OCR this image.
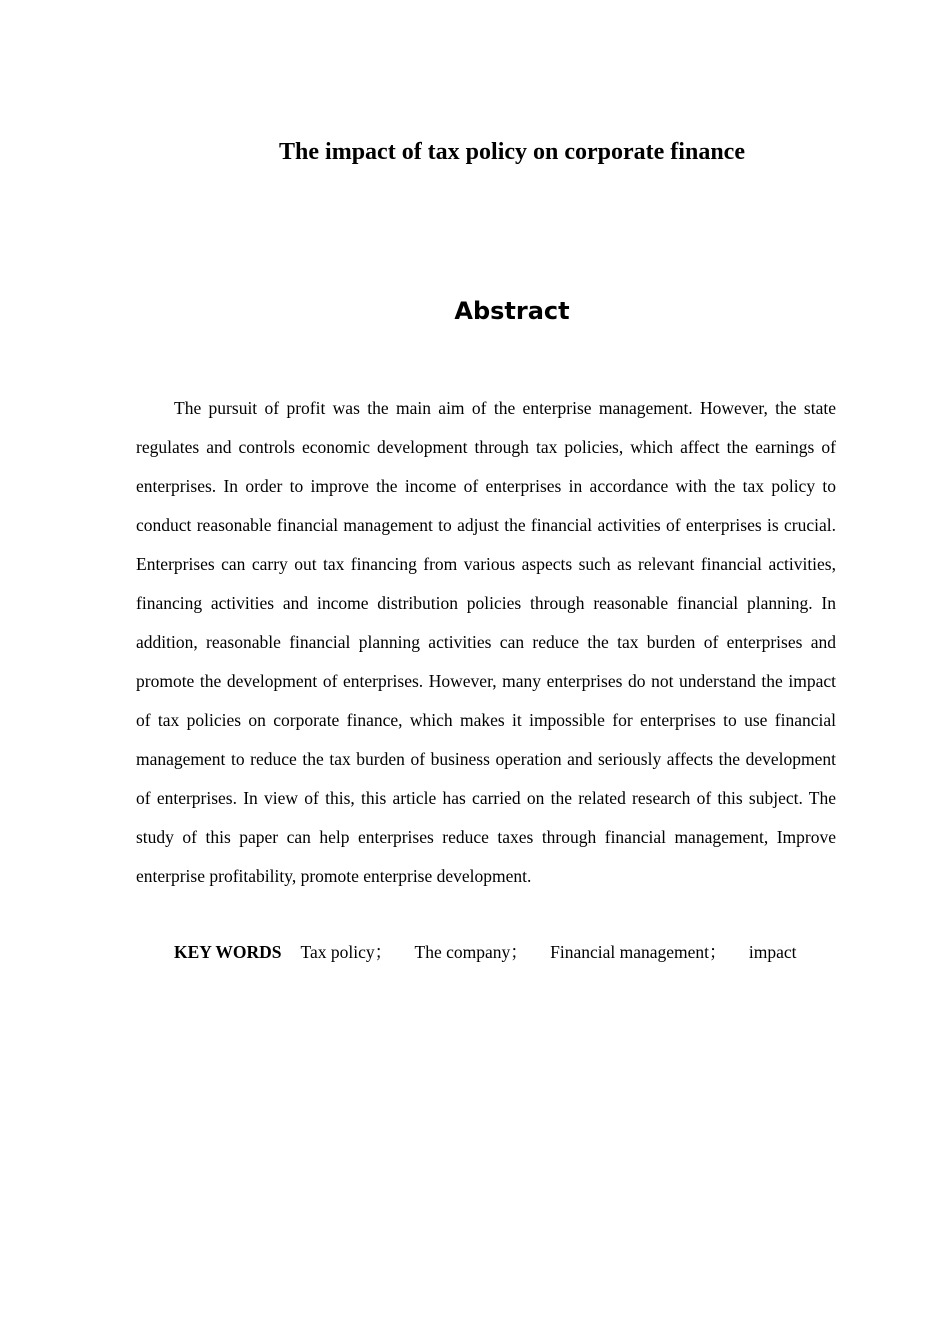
The impact of tax policy on corporate finance
Abstract

The pursuit of profit was the main aim of the enterprise management. However, the state regulates and controls economic development through tax policies, which affect the earnings of enterprises. In order to improve the income of enterprises in accordance with the tax policy to conduct reasonable financial management to adjust the financial activities of enterprises is crucial. Enterprises can carry out tax financing from various aspects such as relevant financial activities, financing activities and income distribution policies through reasonable financial planning. In addition, reasonable financial planning activities can reduce the tax burden of enterprises and promote the development of enterprises. However, many enterprises do not understand the impact of tax policies on corporate finance, which makes it impossible for enterprises to use financial management to reduce the tax burden of business operation and seriously affects the development of enterprises. In view of this, this article has carried on the related research of this subject. The study of this paper can help enterprises reduce taxes through financial management, Improve enterprise profitability, promote enterprise development.

KEY WORDS Tax policy； The company； Financial management； impact
